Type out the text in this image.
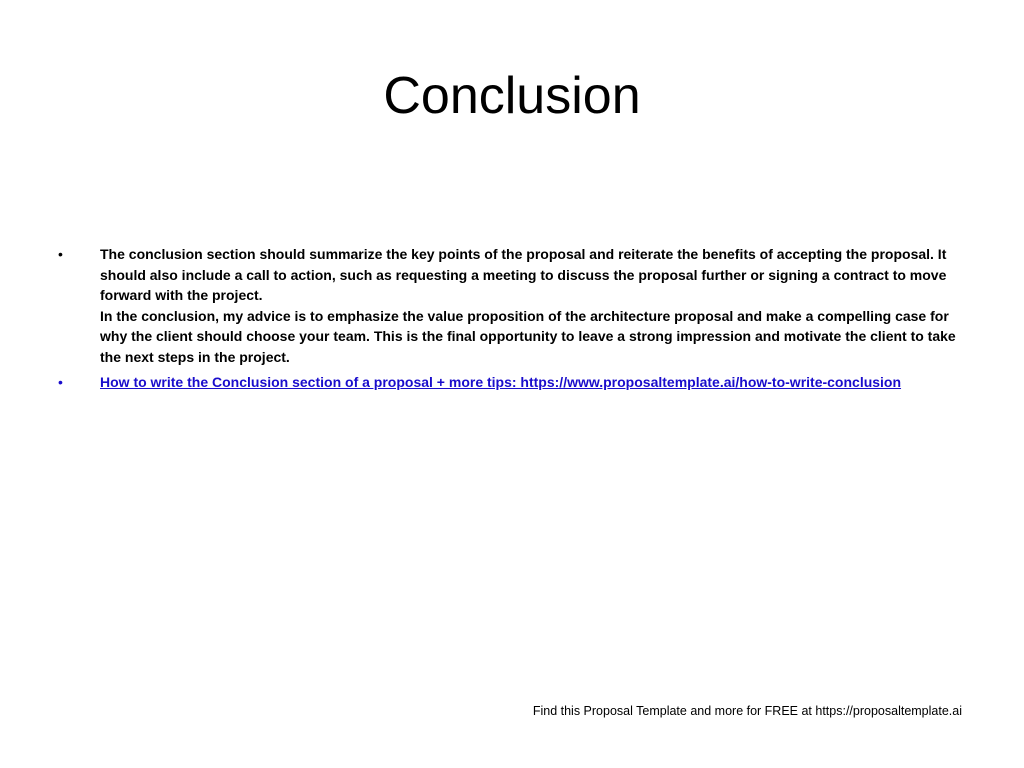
Conclusion
•	The conclusion section should summarize the key points of the proposal and reiterate the benefits of accepting the proposal. It should also include a call to action, such as requesting a meeting to discuss the proposal further or signing a contract to move forward with the project.
In the conclusion, my advice is to emphasize the value proposition of the architecture proposal and make a compelling case for why the client should choose your team. This is the final opportunity to leave a strong impression and motivate the client to take the next steps in the project.
•	How to write the Conclusion section of a proposal + more tips: https://www.proposaltemplate.ai/how-to-write-conclusion
Find this Proposal Template and more for FREE at https://proposaltemplate.ai
